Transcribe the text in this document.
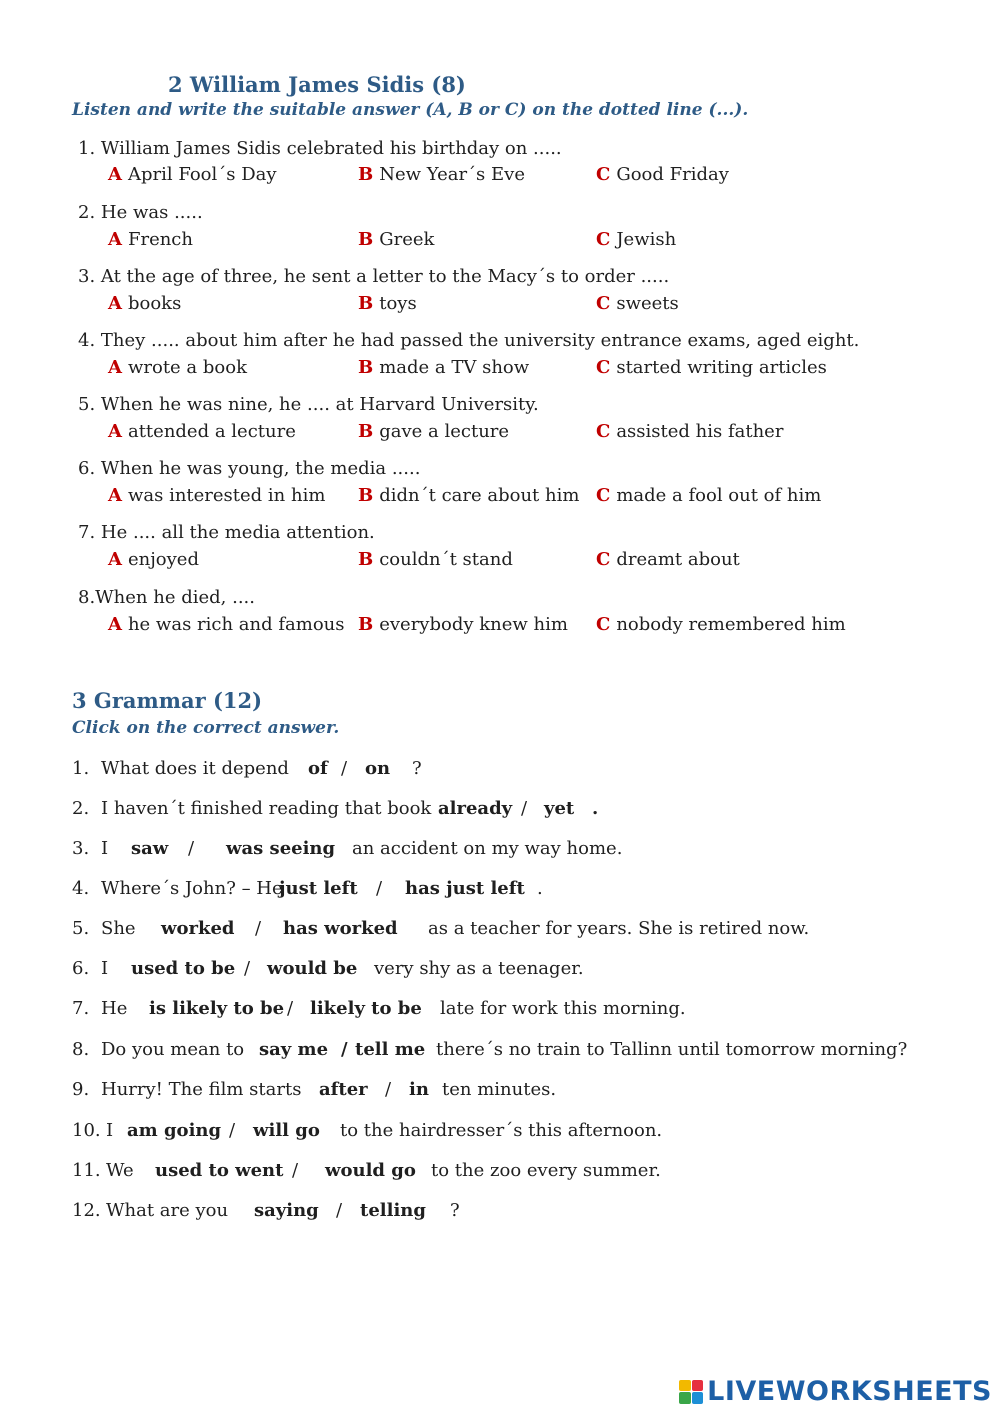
2 William James Sidis (8)
Listen and write the suitable answer (A, B or C) on the dotted line (...).
1. William James Sidis celebrated his birthday on .....
A April Fool´s Day	B New Year´s Eve	C Good Friday
2. He was .....
A French	B Greek	C Jewish
3. At the age of three, he sent a letter to the Macy´s to order .....
A books	B toys	C sweets
4. They ..... about him after he had passed the university entrance exams, aged eight.
A wrote a book	B made a TV show	C started writing articles
5. When he was nine, he .... at Harvard University.
A attended a lecture	B gave a lecture	C assisted his father
6. When he was young, the media .....
A was interested in him B didn´t care about him C made a fool out of him
7. He .... all the media attention.
A enjoyed	B couldn´t stand	C dreamt about
8.When he died, ....
A he was rich and famous B everybody knew him C nobody remembered him
3 Grammar (12)
Click on the correct answer.
1. What does it depend of / on ?
2. I haven´t finished reading that book already / yet .
3. I saw / was seeing an accident on my way home.
4. Where´s John? – He
just left / has just left .
5. She worked / has worked as a teacher for years. She is retired now.
6. I used to be / would be very shy as a teenager.
7. He is likely to be / likely to be late for work this morning.
8. Do you mean to say me / tell me there´s no train to Tallinn until tomorrow morning?
9. Hurry! The film starts after / in ten minutes.
10. I am going / will go to the hairdresser´s this afternoon.
11. We used to went / would go to the zoo every summer.
12. What are you saying / telling ?
LIVEWORKSHEETS
